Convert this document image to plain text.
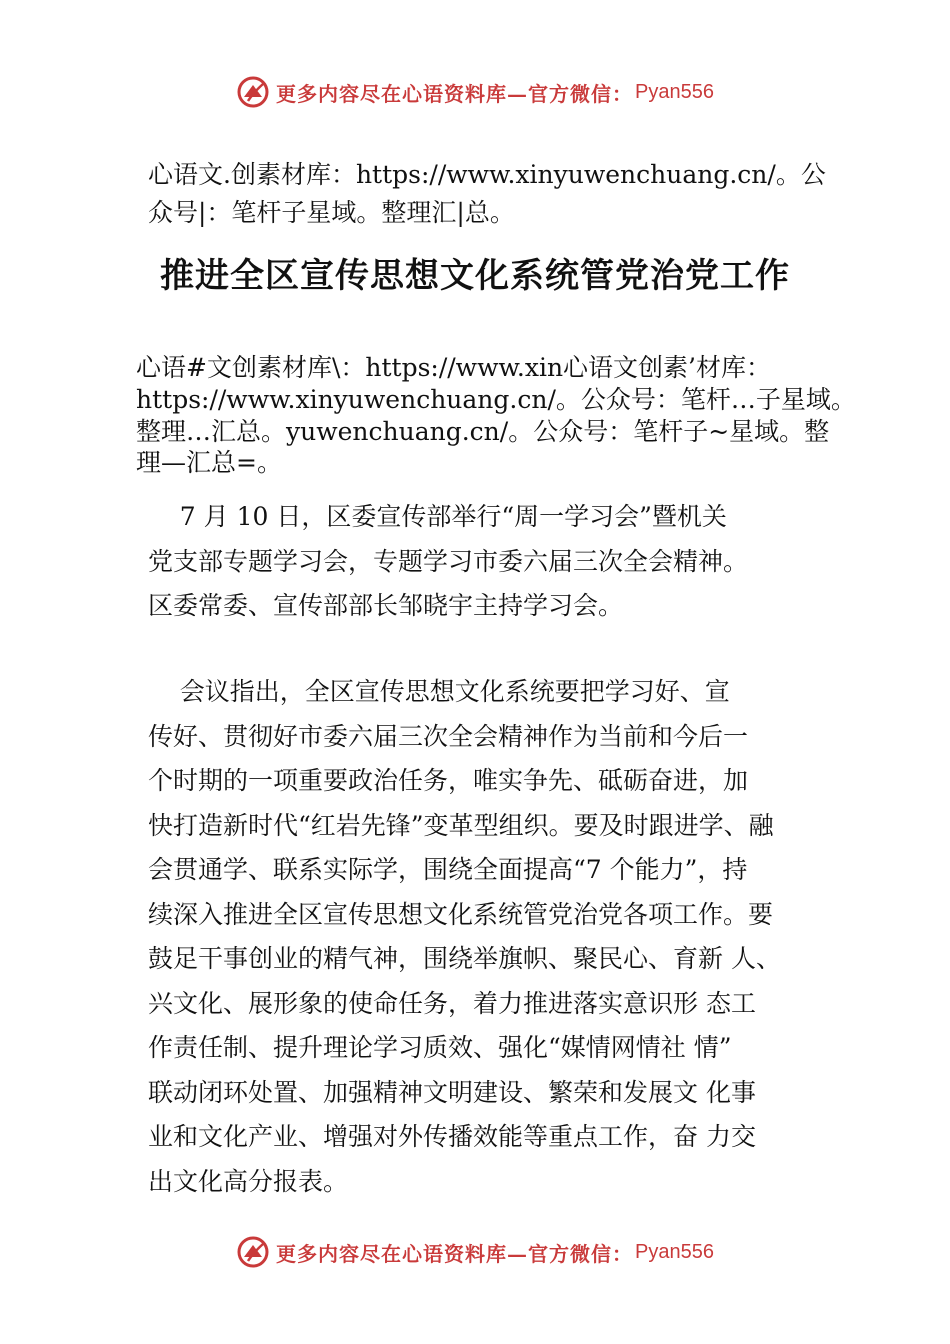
更多内容尽在心语资料库—官方微信： Pyan556

心语文.创素材库：https://www.xinyuwenchuang.cn/。公
众号|：笔杆子星域。整理汇|总。

推进全区宣传思想文化系统管党治党工作

心语#文创素材库\：https://www.xin心语文创素’材库：
https://www.xinyuwenchuang.cn/。公众号：笔杆…子星域。
整理…汇总。yuwenchuang.cn/。公众号：笔杆子~星域。整
理—汇总=。

7 月 10 日，区委宣传部举行“周一学习会”暨机关
党支部专题学习会，专题学习市委六届三次全会精神。
区委常委、宣传部部长邹晓宇主持学习会。

会议指出，全区宣传思想文化系统要把学习好、宣
传好、贯彻好市委六届三次全会精神作为当前和今后一
个时期的一项重要政治任务，唯实争先、砥砺奋进，加
快打造新时代“红岩先锋”变革型组织。要及时跟进学、融
会贯通学、联系实际学，围绕全面提高“7 个能力”，持
续深入推进全区宣传思想文化系统管党治党各项工作。要
鼓足干事创业的精气神，围绕举旗帜、聚民心、育新 人、
兴文化、展形象的使命任务，着力推进落实意识形 态工
作责任制、提升理论学习质效、强化“媒情网情社 情”
联动闭环处置、加强精神文明建设、繁荣和发展文 化事
业和文化产业、增强对外传播效能等重点工作，奋 力交
出文化高分报表。

更多内容尽在心语资料库—官方微信： Pyan556
